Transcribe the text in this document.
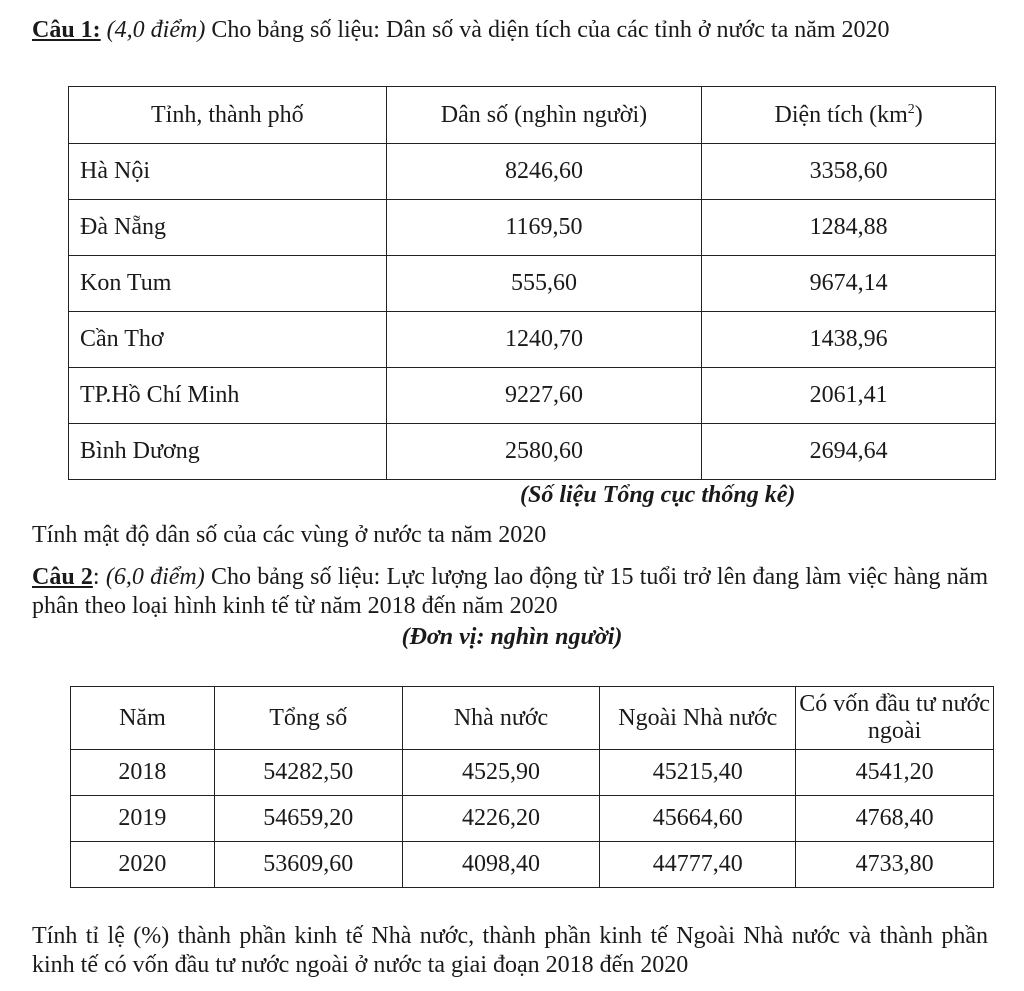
Câu 1: (4,0 điểm) Cho bảng số liệu: Dân số và diện tích của các tỉnh ở nước ta năm 2020
Tỉnh, thành phố	Dân số (nghìn người)	Diện tích $(km^2)$
Hà Nội	8246,60	3358,60
Đà Nẵng	1169,50	1284,88
Kon Tum	555,60	9674,14
Cần Thơ	1240,70	1438,96
TP.Hồ Chí Minh	9227,60	2061,41
Bình Dương	2580,60	2694,64
(Số liệu Tổng cục thống kê)
Tính mật độ dân số của các vùng ở nước ta năm 2020
Câu 2: (6,0 điểm) Cho bảng số liệu: Lực lượng lao động từ 15 tuổi trở lên đang làm việc hàng năm phân theo loại hình kinh tế từ năm 2018 đến năm 2020
(Đơn vị: nghìn người)
Năm	Tổng số	Nhà nước	Ngoài Nhà nước	Có vốn đầu tư nước ngoài
2018	54282,50	4525,90	45215,40	4541,20
2019	54659,20	4226,20	45664,60	4768,40
2020	53609,60	4098,40	44777,40	4733,80
Tính tỉ lệ (%) thành phần kinh tế Nhà nước, thành phần kinh tế Ngoài Nhà nước và thành phần kinh tế có vốn đầu tư nước ngoài ở nước ta giai đoạn 2018 đến 2020
